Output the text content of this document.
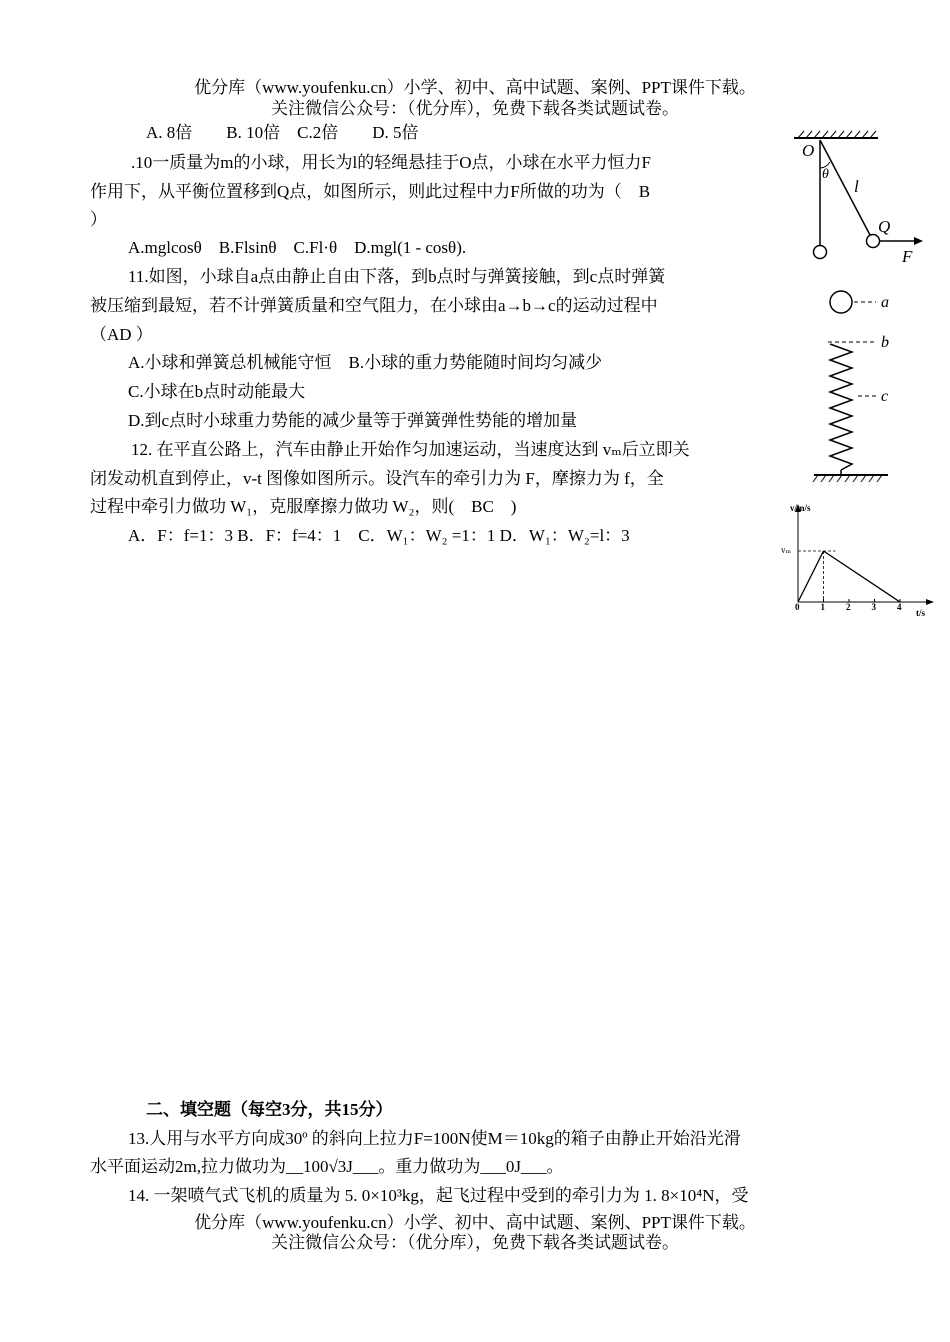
优分库（www.youfenku.cn）小学、初中、高中试题、案例、PPT课件下载。
关注微信公众号：（优分库），免费下载各类试题试卷。
A. 8倍　　B. 10倍　C.2倍　　D. 5倍
.10一质量为m的小球，用长为l的轻绳悬挂于O点，小球在水平力恒力F
作用下，从平衡位置移到Q点，如图所示，则此过程中力F所做的功为（　B
）
A.mglcosθ　B.Flsinθ　C.Fl·θ　D.mgl(1 - cosθ).
11.如图，小球自a点由静止自由下落，到b点时与弹簧接触，到c点时弹簧
被压缩到最短，若不计弹簧质量和空气阻力，在小球由a→b→c的运动过程中
（AD ）
A.小球和弹簧总机械能守恒　B.小球的重力势能随时间均匀减少
C.小球在b点时动能最大
D.到c点时小球重力势能的减少量等于弹簧弹性势能的增加量
12. 在平直公路上，汽车由静止开始作匀加速运动，当速度达到 vₘ后立即关
闭发动机直到停止，v-t 图像如图所示。设汽车的牵引力为 F，摩擦力为 f，全
过程中牵引力做功 W₁，克服摩擦力做功 W₂，则(　BC　)
A．F：f=1：3 B．F：f=4：1　C．W₁：W₂ =1：1 D．W₁：W₂=l：3
二、填空题（每空3分，共15分）
13.人用与水平方向成30º 的斜向上拉力F=100N使M＝10kg的箱子由静止开始沿光滑
水平面运动2m,拉力做功为__100√3J___。重力做功为___0J___。
14. 一架喷气式飞机的质量为 5. 0×10³kg，起飞过程中受到的牵引力为 1. 8×10⁴N，受
优分库（www.youfenku.cn）小学、初中、高中试题、案例、PPT课件下载。
关注微信公众号：（优分库），免费下载各类试题试卷。
O
θ
l
Q
F
a
b
c
v/m/s
t/s
vₘ
0 1 2 3 4
